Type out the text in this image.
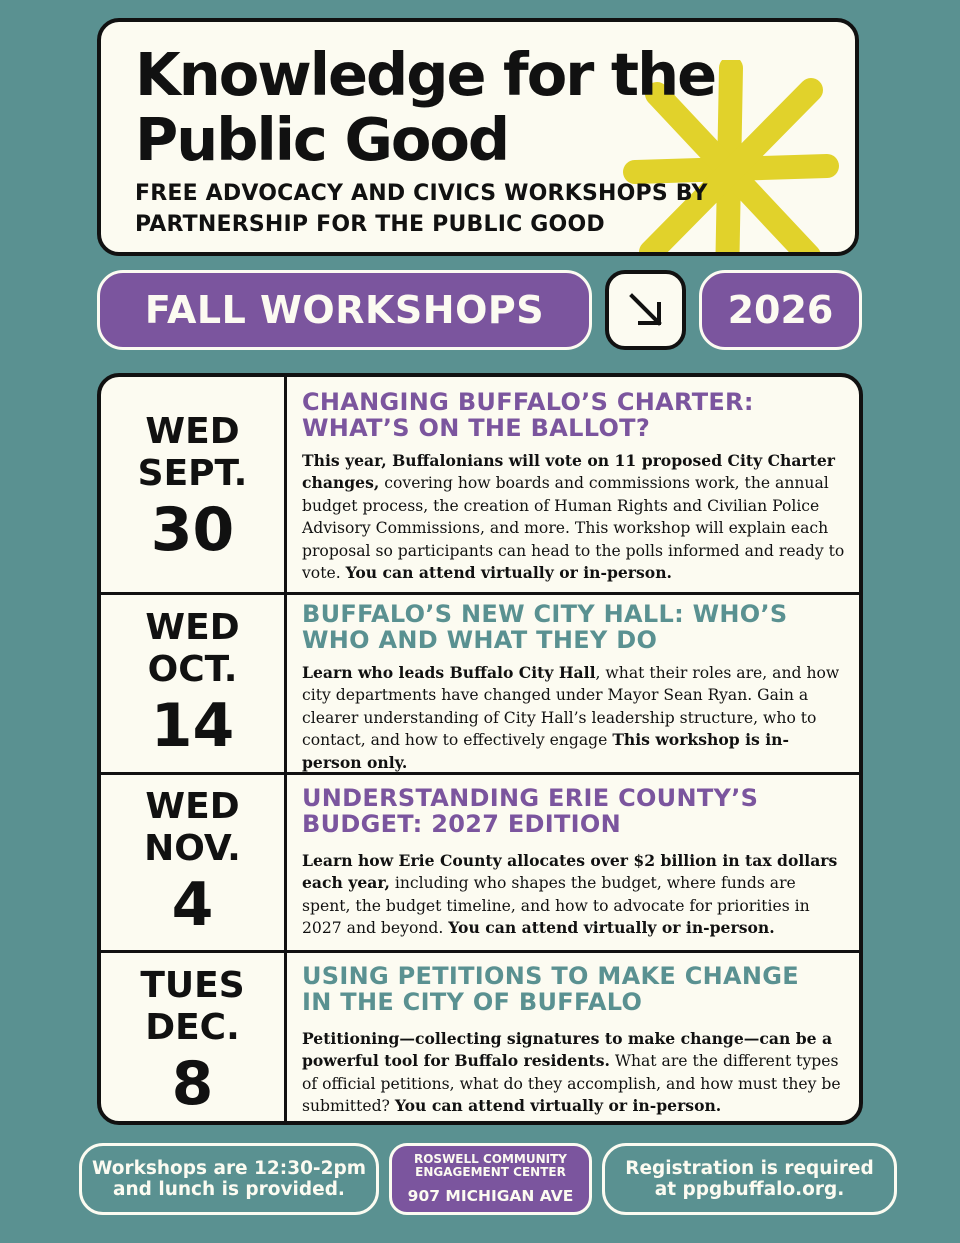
Knowledge for the
Public Good
FREE ADVOCACY AND CIVICS WORKSHOPS BY
PARTNERSHIP FOR THE PUBLIC GOOD
FALL WORKSHOPS	2026
WED
SEPT.
30
CHANGING BUFFALO’S CHARTER:
WHAT’S ON THE BALLOT?
This year, Buffalonians will vote on 11 proposed City Charter changes, covering how boards and commissions work, the annual budget process, the creation of Human Rights and Civilian Police Advisory Commissions, and more. This workshop will explain each proposal so participants can head to the polls informed and ready to vote. You can attend virtually or in-person.
WED
OCT.
14
BUFFALO’S NEW CITY HALL: WHO’S
WHO AND WHAT THEY DO
Learn who leads Buffalo City Hall, what their roles are, and how city departments have changed under Mayor Sean Ryan. Gain a clearer understanding of City Hall’s leadership structure, who to contact, and how to effectively engage This workshop is in-person only.
WED
NOV.
4
UNDERSTANDING ERIE COUNTY’S
BUDGET: 2027 EDITION
Learn how Erie County allocates over $2 billion in tax dollars each year, including who shapes the budget, where funds are spent, the budget timeline, and how to advocate for priorities in 2027 and beyond. You can attend virtually or in-person.
TUES
DEC.
8
USING PETITIONS TO MAKE CHANGE
IN THE CITY OF BUFFALO
Petitioning—collecting signatures to make change—can be a powerful tool for Buffalo residents. What are the different types of official petitions, what do they accomplish, and how must they be submitted? You can attend virtually or in-person.
Workshops are 12:30-2pm
and lunch is provided.
ROSWELL COMMUNITY
ENGAGEMENT CENTER
907 MICHIGAN AVE
Registration is required
at ppgbuffalo.org.
